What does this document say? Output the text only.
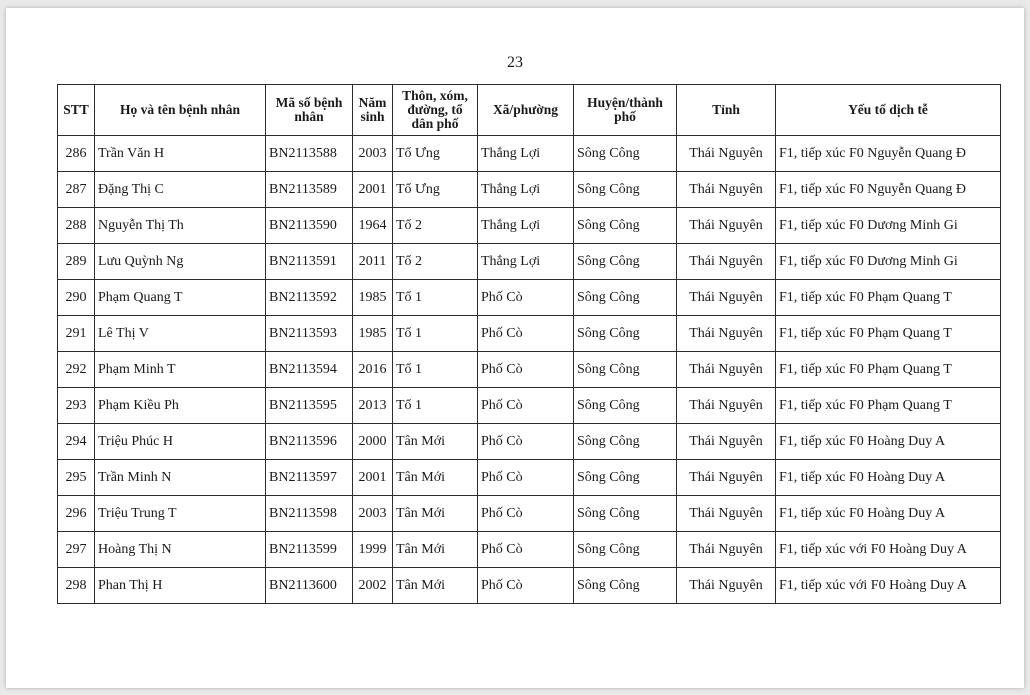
23
STT	Họ và tên bệnh nhân	Mã số bệnh nhân	Năm sinh	Thôn, xóm, đường, tổ dân phố	Xã/phường	Huyện/thành phố	Tỉnh	Yếu tố dịch tễ
286	Trần Văn H	BN2113588	2003	Tổ Ưng	Thắng Lợi	Sông Công	Thái Nguyên	F1, tiếp xúc F0 Nguyễn Quang Đ
287	Đặng Thị C	BN2113589	2001	Tổ Ưng	Thắng Lợi	Sông Công	Thái Nguyên	F1, tiếp xúc F0 Nguyễn Quang Đ
288	Nguyễn Thị Th	BN2113590	1964	Tổ 2	Thắng Lợi	Sông Công	Thái Nguyên	F1, tiếp xúc F0 Dương Minh Gi
289	Lưu Quỳnh Ng	BN2113591	2011	Tổ 2	Thắng Lợi	Sông Công	Thái Nguyên	F1, tiếp xúc F0 Dương Minh Gi
290	Phạm Quang T	BN2113592	1985	Tổ 1	Phố Cò	Sông Công	Thái Nguyên	F1, tiếp xúc F0 Phạm Quang T
291	Lê Thị V	BN2113593	1985	Tổ 1	Phố Cò	Sông Công	Thái Nguyên	F1, tiếp xúc F0 Phạm Quang T
292	Phạm Minh T	BN2113594	2016	Tổ 1	Phố Cò	Sông Công	Thái Nguyên	F1, tiếp xúc F0 Phạm Quang T
293	Phạm Kiều Ph	BN2113595	2013	Tổ 1	Phố Cò	Sông Công	Thái Nguyên	F1, tiếp xúc F0 Phạm Quang T
294	Triệu Phúc H	BN2113596	2000	Tân Mới	Phố Cò	Sông Công	Thái Nguyên	F1, tiếp xúc F0 Hoàng Duy A
295	Trần Minh N	BN2113597	2001	Tân Mới	Phố Cò	Sông Công	Thái Nguyên	F1, tiếp xúc F0 Hoàng Duy A
296	Triệu Trung T	BN2113598	2003	Tân Mới	Phố Cò	Sông Công	Thái Nguyên	F1, tiếp xúc F0 Hoàng Duy A
297	Hoàng Thị N	BN2113599	1999	Tân Mới	Phố Cò	Sông Công	Thái Nguyên	F1, tiếp xúc với F0 Hoàng Duy A
298	Phan Thị H	BN2113600	2002	Tân Mới	Phố Cò	Sông Công	Thái Nguyên	F1, tiếp xúc với F0 Hoàng Duy A
